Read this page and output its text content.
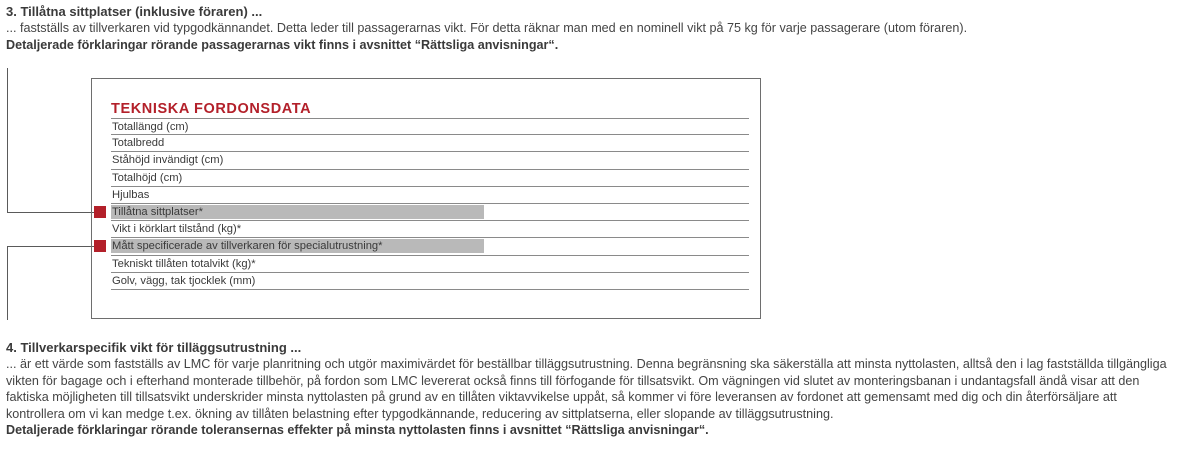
3. Tillåtna sittplatser (inklusive föraren) ...

... fastställs av tillverkaren vid typgodkännandet. Detta leder till passagerarnas vikt. För detta räknar man med en nominell vikt på 75 kg för varje passagerare (utom föraren).

Detaljerade förklaringar rörande passagerarnas vikt finns i avsnittet “Rättsliga anvisningar“.

TEKNISKA FORDONSDATA
Totallängd (cm)
Totalbredd
Ståhöjd invändigt (cm)
Totalhöjd (cm)
Hjulbas
Tillåtna sittplatser*
Vikt i körklart tilstånd (kg)*
Mått specificerade av tillverkaren för specialutrustning*
Tekniskt tillåten totalvikt (kg)*
Golv, vägg, tak tjocklek (mm)

4. Tillverkarspecifik vikt för tilläggsutrustning ...

... är ett värde som fastställs av LMC för varje planritning och utgör maximivärdet för beställbar tilläggsutrustning. Denna begränsning ska säkerställa att minsta nyttolasten, alltså den i lag fastställda tillgängliga vikten för bagage och i efterhand monterade tillbehör, på fordon som LMC levererat också finns till förfogande för tillsatsvikt. Om vägningen vid slutet av monteringsbanan i undantagsfall ändå visar att den faktiska möjligheten till tillsatsvikt underskrider minsta nyttolasten på grund av en tillåten viktavvikelse uppåt, så kommer vi före leveransen av fordonet att gemensamt med dig och din återförsäljare att kontrollera om vi kan medge t.ex. ökning av tillåten belastning efter typgodkännande, reducering av sittplatserna, eller slopande av tilläggsutrustning.

Detaljerade förklaringar rörande toleransernas effekter på minsta nyttolasten finns i avsnittet “Rättsliga anvisningar“.
